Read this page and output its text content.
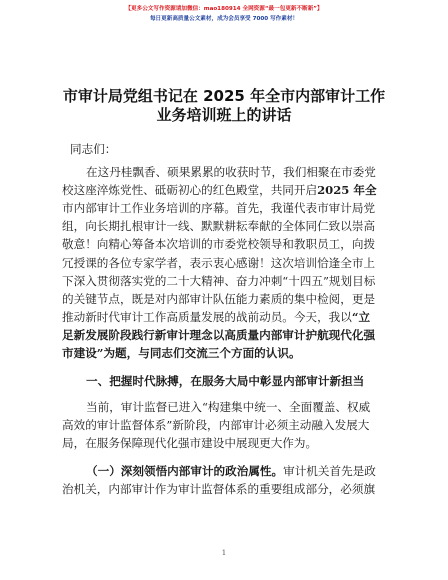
【更多公文写作资源请加微信：mao180914 全网资源“最一包更新不断新”】
每日更新高质量公文素材，成为会员享受 7000 写作素材！
市审计局党组书记在 2025 年全市内部审计工作
业务培训班上的讲话
同志们：
在这丹桂飘香、硕果累累的收获时节，我们相聚在市委党
校这座淬炼党性、砥砺初心的红色殿堂，共同开启2025 年全
市内部审计工作业务培训的序幕。首先，我谨代表市审计局党
组，向长期扎根审计一线、默默耕耘奉献的全体同仁致以崇高
敬意！向精心筹备本次培训的市委党校领导和教职员工，向拨
冗授课的各位专家学者，表示衷心感谢！这次培训恰逢全市上
下深入贯彻落实党的二十大精神、奋力冲刺“十四五”规划目标
的关键节点，既是对内部审计队伍能力素质的集中检阅，更是
推动新时代审计工作高质量发展的战前动员。今天，我以“立
足新发展阶段践行新审计理念以高质量内部审计护航现代化强
市建设”为题，与同志们交流三个方面的认识。
一、把握时代脉搏，在服务大局中彰显内部审计新担当
当前，审计监督已进入“构建集中统一、全面覆盖、权威
高效的审计监督体系”新阶段，内部审计必须主动融入发展大
局，在服务保障现代化强市建设中展现更大作为。
（一）深刻领悟内部审计的政治属性。审计机关首先是政
治机关，内部审计作为审计监督体系的重要组成部分，必须旗
1
